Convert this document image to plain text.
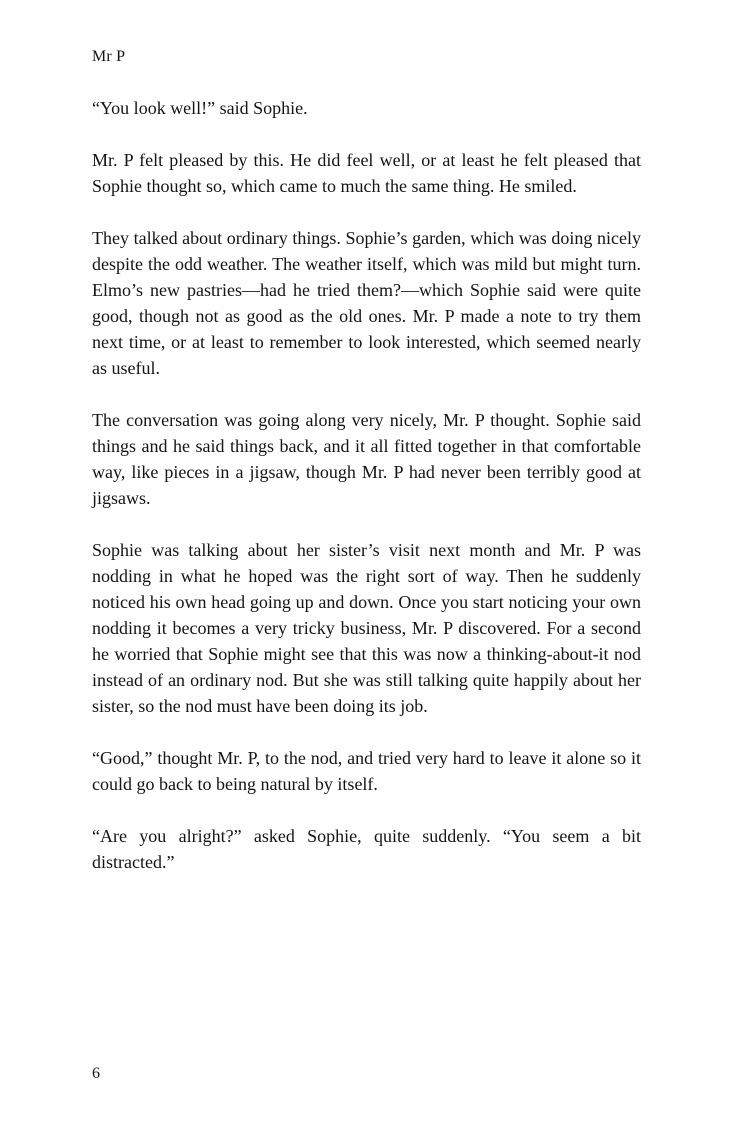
Mr P

“You look well!” said Sophie.

Mr. P felt pleased by this. He did feel well, or at least he felt pleased that Sophie thought so, which came to much the same thing. He smiled.

They talked about ordinary things. Sophie’s garden, which was doing nicely despite the odd weather. The weather itself, which was mild but might turn. Elmo’s new pastries—had he tried them?—which Sophie said were quite good, though not as good as the old ones. Mr. P made a note to try them next time, or at least to remember to look interested, which seemed nearly as useful.

The conversation was going along very nicely, Mr. P thought. Sophie said things and he said things back, and it all fitted together in that comfortable way, like pieces in a jigsaw, though Mr. P had never been terribly good at jigsaws.

Sophie was talking about her sister’s visit next month and Mr. P was nodding in what he hoped was the right sort of way. Then he suddenly noticed his own head going up and down. Once you start noticing your own nodding it becomes a very tricky business, Mr. P discovered. For a second he worried that Sophie might see that this was now a thinking-about-it nod instead of an ordinary nod. But she was still talking quite happily about her sister, so the nod must have been doing its job.

“Good,” thought Mr. P, to the nod, and tried very hard to leave it alone so it could go back to being natural by itself.

“Are you alright?” asked Sophie, quite suddenly. “You seem a bit distracted.”

6
